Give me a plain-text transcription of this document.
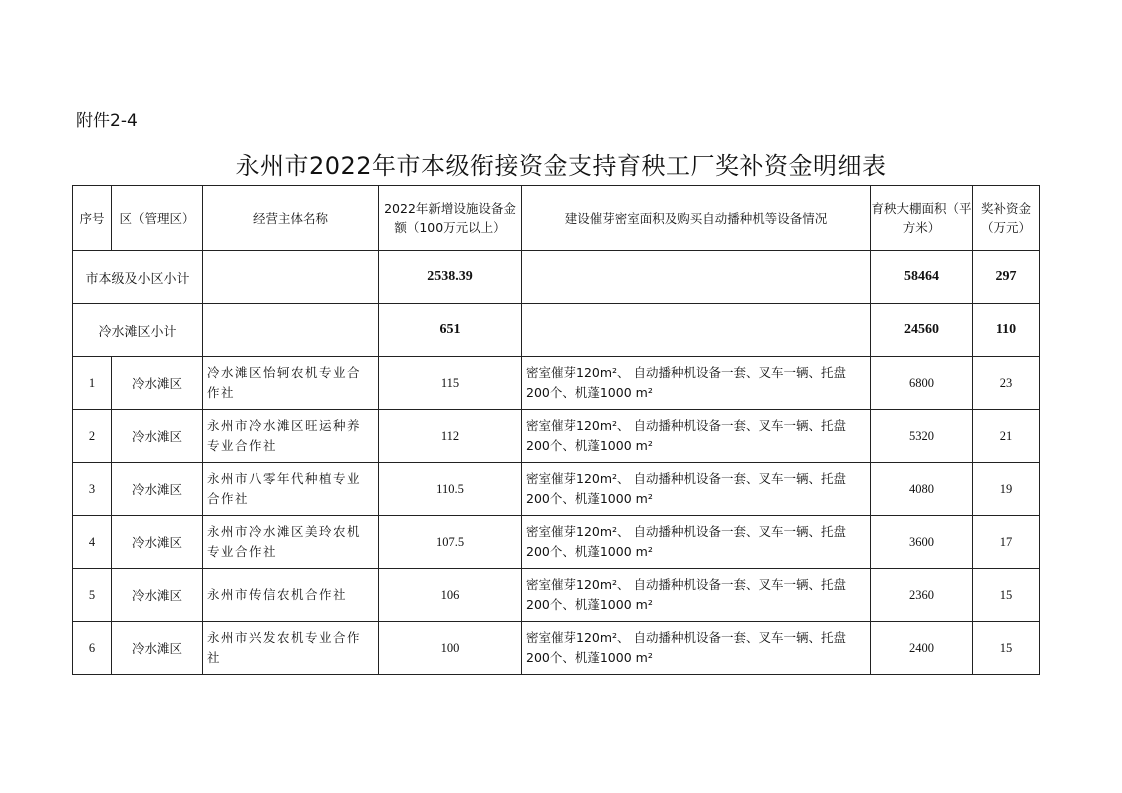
附件2-4
永州市2022年市本级衔接资金支持育秧工厂奖补资金明细表
序号	区（管理区）	经营主体名称	2022年新增设施设备金额（100万元以上）	建设催芽密室面积及购买自动播种机等设备情况	育秧大棚面积（平方米）	奖补资金（万元）
市本级及小区小计			2538.39		58464	297
冷水滩区小计			651		24560	110
1	冷水滩区	冷水滩区怡轲农机专业合作社	115	密室催芽120m²、 自动播种机设备一套、叉车一辆、托盘200个、机蓬1000 m²	6800	23
2	冷水滩区	永州市冷水滩区旺运种养专业合作社	112	密室催芽120m²、 自动播种机设备一套、叉车一辆、托盘200个、机蓬1000 m²	5320	21
3	冷水滩区	永州市八零年代种植专业合作社	110.5	密室催芽120m²、 自动播种机设备一套、叉车一辆、托盘200个、机蓬1000 m²	4080	19
4	冷水滩区	永州市冷水滩区美玲农机专业合作社	107.5	密室催芽120m²、 自动播种机设备一套、叉车一辆、托盘200个、机蓬1000 m²	3600	17
5	冷水滩区	永州市传信农机合作社	106	密室催芽120m²、 自动播种机设备一套、叉车一辆、托盘200个、机蓬1000 m²	2360	15
6	冷水滩区	永州市兴发农机专业合作社	100	密室催芽120m²、 自动播种机设备一套、叉车一辆、托盘200个、机蓬1000 m²	2400	15
